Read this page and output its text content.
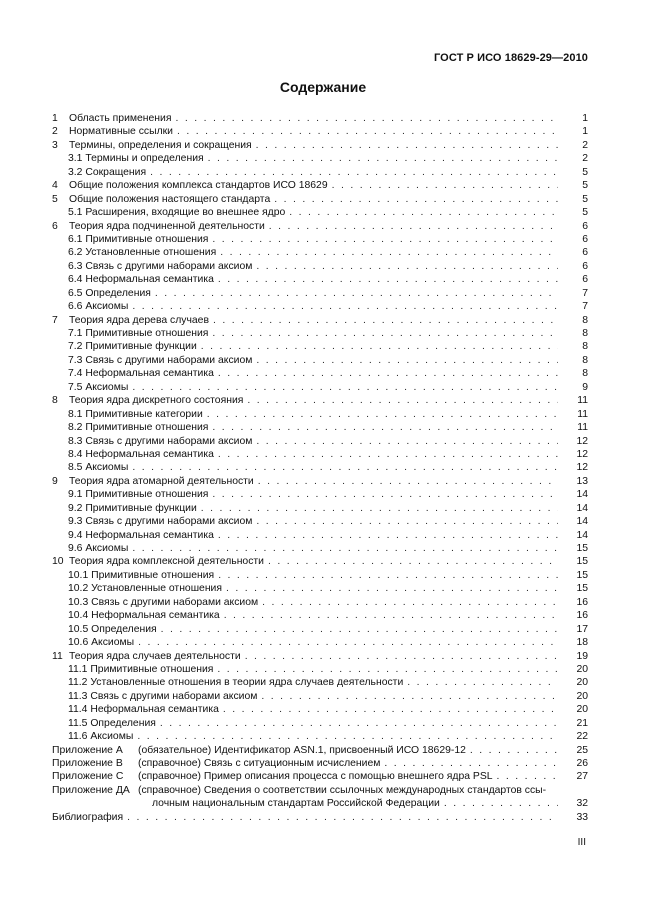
ГОСТ Р ИСО 18629-29—2010
Содержание
1 Область применения . . .	1
2 Нормативные ссылки . . .	1
3 Термины, определения и сокращения . . .	2
3.1 Термины и определения . . .	2
3.2 Сокращения . . .	5
4 Общие положения комплекса стандартов ИСО 18629 . . .	5
5 Общие положения настоящего стандарта . . .	5
5.1 Расширения, входящие во внешнее ядро . . .	5
6 Теория ядра подчиненной деятельности . . .	6
6.1 Примитивные отношения . . .	6
6.2 Установленные отношения . . .	6
6.3 Связь с другими наборами аксиом . . .	6
6.4 Неформальная семантика . . .	6
6.5 Определения . . .	7
6.6 Аксиомы . . .	7
7 Теория ядра дерева случаев . . .	8
7.1 Примитивные отношения . . .	8
7.2 Примитивные функции . . .	8
7.3 Связь с другими наборами аксиом . . .	8
7.4 Неформальная семантика . . .	8
7.5 Аксиомы . . .	9
8 Теория ядра дискретного состояния . . .	11
8.1 Примитивные категории . . .	11
8.2 Примитивные отношения . . .	11
8.3 Связь с другими наборами аксиом . . .	12
8.4 Неформальная семантика . . .	12
8.5 Аксиомы . . .	12
9 Теория ядра атомарной деятельности . . .	13
9.1 Примитивные отношения . . .	14
9.2 Примитивные функции . . .	14
9.3 Связь с другими наборами аксиом . . .	14
9.4 Неформальная семантика . . .	14
9.6 Аксиомы . . .	15
10 Теория ядра комплексной деятельности . . .	15
10.1 Примитивные отношения . . .	15
10.2 Установленные отношения . . .	15
10.3 Связь с другими наборами аксиом . . .	16
10.4 Неформальная семантика . . .	16
10.5 Определения . . .	17
10.6 Аксиомы . . .	18
11 Теория ядра случаев деятельности . . .	19
11.1 Примитивные отношения . . .	20
11.2 Установленные отношения в теории ядра случаев деятельности . . .	20
11.3 Связь с другими наборами аксиом . . .	20
11.4 Неформальная семантика . . .	20
11.5 Определения . . .	21
11.6 Аксиомы . . .	22
Приложение А	(обязательное) Идентификатор ASN.1, присвоенный ИСО 18629-12 . . .	25
Приложение В	(справочное) Связь с ситуационным исчислением . . .	26
Приложение С	(справочное) Пример описания процесса с помощью внешнего ядра PSL . . .	27
Приложение ДА (справочное) Сведения о соответствии ссылочных международных стандартов ссы-
лочным национальным стандартам Российской Федерации . . .	32
Библиография . . .	33
III
